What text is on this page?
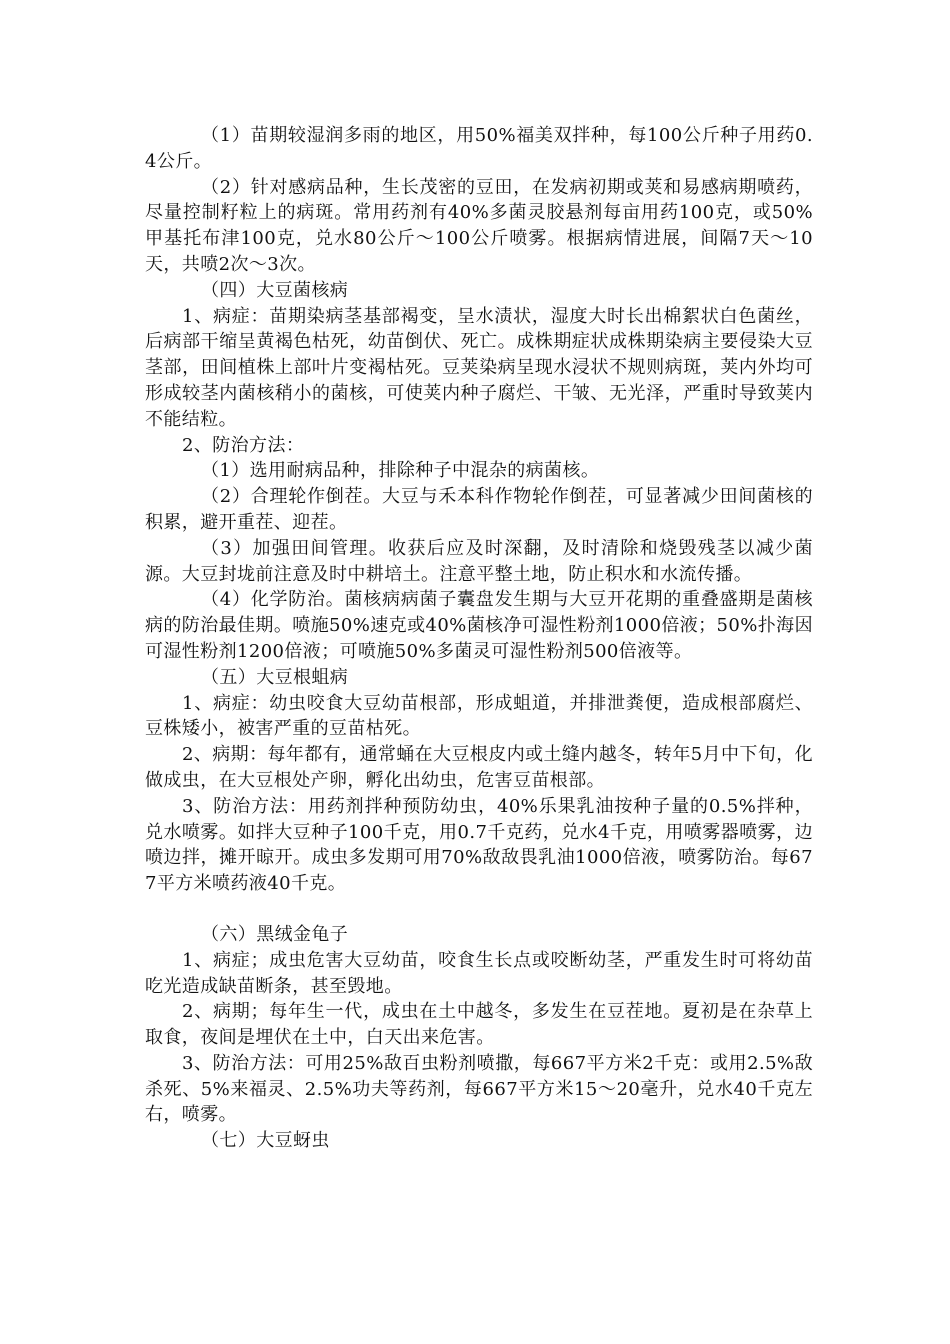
（1）苗期较湿润多雨的地区，用50%福美双拌种，每100公斤种子用药0.4公斤。

（2）针对感病品种，生长茂密的豆田，在发病初期或荚和易感病期喷药，尽量控制籽粒上的病斑。常用药剂有40%多菌灵胶悬剂每亩用药100克，或50%甲基托布津100克，兑水80公斤～100公斤喷雾。根据病情进展，间隔7天～10天，共喷2次～3次。

（四）大豆菌核病

1、病症：苗期染病茎基部褐变，呈水渍状，湿度大时长出棉絮状白色菌丝，后病部干缩呈黄褐色枯死，幼苗倒伏、死亡。成株期症状成株期染病主要侵染大豆茎部，田间植株上部叶片变褐枯死。豆荚染病呈现水浸状不规则病斑，荚内外均可形成较茎内菌核稍小的菌核，可使荚内种子腐烂、干皱、无光泽，严重时导致荚内不能结粒。

2、防治方法：

（1）选用耐病品种，排除种子中混杂的病菌核。

（2）合理轮作倒茬。大豆与禾本科作物轮作倒茬，可显著减少田间菌核的积累，避开重茬、迎茬。

（3）加强田间管理。收获后应及时深翻，及时清除和烧毁残茎以减少菌源。大豆封垅前注意及时中耕培土。注意平整土地，防止积水和水流传播。

（4）化学防治。菌核病病菌子囊盘发生期与大豆开花期的重叠盛期是菌核病的防治最佳期。喷施50%速克或40%菌核净可湿性粉剂1000倍液；50%扑海因可湿性粉剂1200倍液；可喷施50%多菌灵可湿性粉剂500倍液等。

（五）大豆根蛆病

1、病症：幼虫咬食大豆幼苗根部，形成蛆道，并排泄粪便，造成根部腐烂、豆株矮小，被害严重的豆苗枯死。

2、病期：每年都有，通常蛹在大豆根皮内或土缝内越冬，转年5月中下旬，化做成虫，在大豆根处产卵，孵化出幼虫，危害豆苗根部。

3、防治方法：用药剂拌种预防幼虫，40%乐果乳油按种子量的0.5%拌种，兑水喷雾。如拌大豆种子100千克，用0.7千克药，兑水4千克，用喷雾器喷雾，边喷边拌，摊开晾开。成虫多发期可用70%敌敌畏乳油1000倍液，喷雾防治。每677平方米喷药液40千克。

（六）黑绒金龟子

1、病症；成虫危害大豆幼苗，咬食生长点或咬断幼茎，严重发生时可将幼苗吃光造成缺苗断条，甚至毁地。

2、病期；每年生一代，成虫在土中越冬，多发生在豆茬地。夏初是在杂草上取食，夜间是埋伏在土中，白天出来危害。

3、防治方法：可用25%敌百虫粉剂喷撒，每667平方米2千克：或用2.5%敌杀死、5%来福灵、2.5%功夫等药剂，每667平方米15～20毫升，兑水40千克左右，喷雾。

（七）大豆蚜虫
